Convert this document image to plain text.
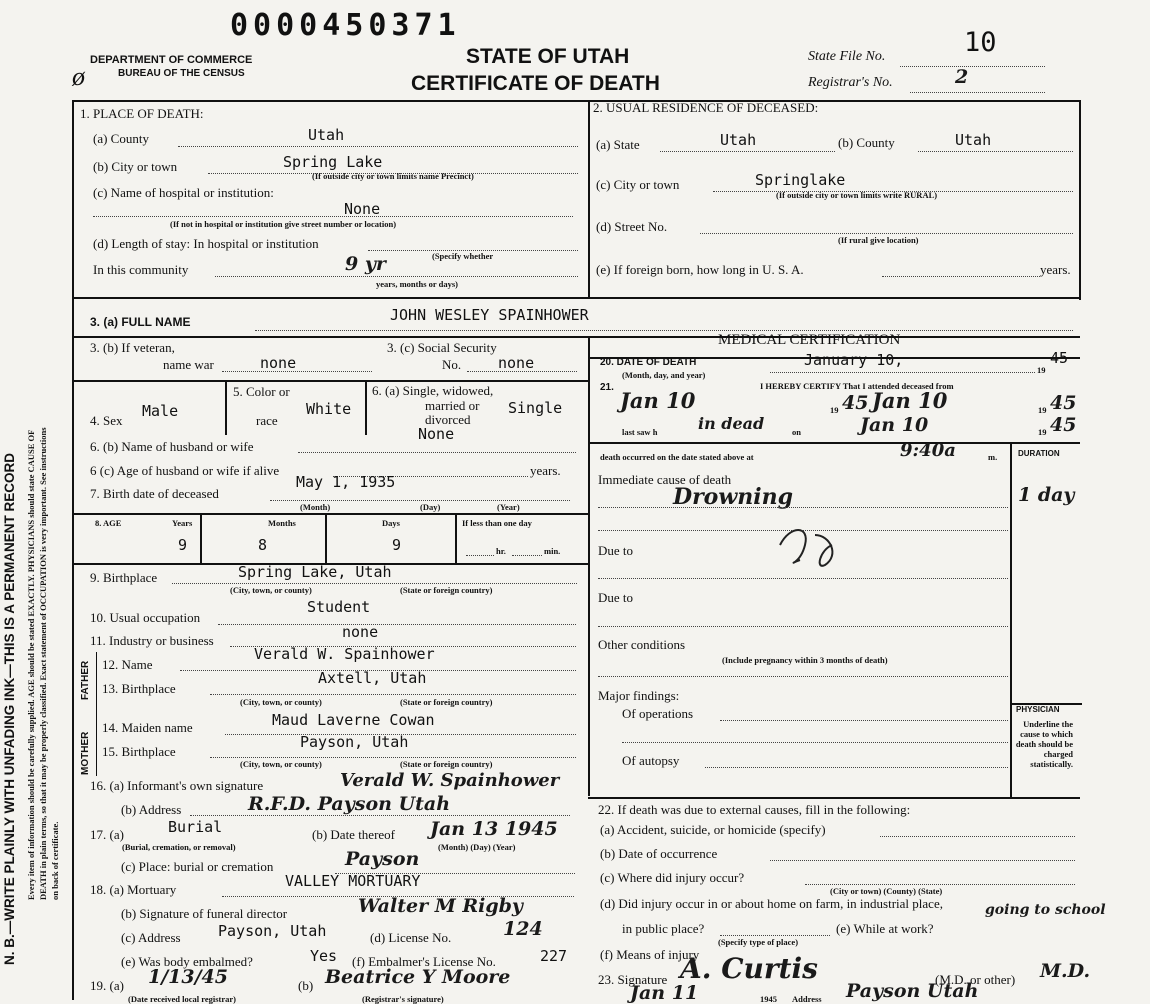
0000450371
DEPARTMENT OF COMMERCE
BUREAU OF THE CENSUS
STATE OF UTAH
CERTIFICATE OF DEATH
State File No.	10
Registrar's No.	2
ø
N. B.—WRITE PLAINLY WITH UNFADING INK—THIS IS A PERMANENT RECORD Every item of information should be carefully supplied. AGE should be stated EXACTLY. PHYSICIANS should state CAUSE OF DEATH in plain terms, so that it may be properly classified. Exact statement of OCCUPATION is very important. See instructions on back of certificate.
1. PLACE OF DEATH:
(a) County	Utah
(b) City or town	Spring Lake
(If outside city or town limits name Precinct)
(c) Name of hospital or institution:
None
(If not in hospital or institution give street number or location)
(d) Length of stay: In hospital or institution
(Specify whether
In this community	9 yr
years, months or days)
2. USUAL RESIDENCE OF DECEASED:
(a) State	Utah	(b) County	Utah
(c) City or town	Springlake
(If outside city or town limits write RURAL)
(d) Street No.
(If rural give location)
(e) If foreign born, how long in U. S. A.	years.
3. (a) FULL NAME	JOHN WESLEY SPAINHOWER
3. (b) If veteran,
name war	none
3. (c) Social Security
No. none
4. Sex
Male
5. Color or
race
White
6. (a) Single, widowed,
married or
divorced
Single
6. (b) Name of husband or wife
None
6 (c) Age of husband or wife if alive	years.
7. Birth date of deceased
May 1, 1935
(Month)	(Day)	(Year)
8. AGE	Years	Months	Days	If less than one day
9	8	9	hr.	min.
9. Birthplace	Spring Lake, Utah
(City, town, or county)	(State or foreign country)
10. Usual occupation
Student
11. Industry or business	none
FATHER
MOTHER
12. Name
Verald W. Spainhower
13. Birthplace
Axtell, Utah
(City, town, or county)	(State or foreign country)
14. Maiden name	Maud Laverne Cowan
15. Birthplace
Payson, Utah
(City, town, or county)	(State or foreign country)
16. (a) Informant's own signature	Verald W. Spainhower
(b) Address	R.F.D. Payson Utah
17. (a)	Burial	(b) Date thereof Jan 13 1945
(Burial, cremation, or removal)	(Month) (Day) (Year)
(c) Place: burial or cremation	Payson
18. (a) Mortuary	VALLEY MORTUARY
(b) Signature of funeral director	Walter M Rigby
(c) Address Payson, Utah	(d) License No.	124
(e) Was body embalmed?	Yes (f) Embalmer's License No.	227
19. (a) 1/13/45	(b) Beatrice Y Moore
(Date received local registrar)	(Registrar's signature)
MEDICAL CERTIFICATION
20. DATE OF DEATH
(Month, day, and year)
January 10,
19
45
21.	I HEREBY CERTIFY That I attended deceased from
Jan 10	19 45 Jan 10	19 45
last saw h	in dead	on	Jan 10	19 45
death occurred on the date stated above at	9:40a	m.	DURATION
Immediate cause of death
Drowning	1 day
Due to
Due to
Other conditions
(Include pregnancy within 3 months of death)
Major findings:
Of operations
Of autopsy
PHYSICIAN
Underline the cause to which death should be charged statistically.
22. If death was due to external causes, fill in the following:
(a) Accident, suicide, or homicide (specify)
(b) Date of occurrence
(c) Where did injury occur?
(City or town) (County) (State)
(d) Did injury occur in or about home on farm, in industrial place,
in public place?	(e) While at work?
going to school
(Specify type of place)
(f) Means of injury
23. Signature A. Curtis	(M.D. or other) M.D.
Jan 11	1945 Address Payson Utah
